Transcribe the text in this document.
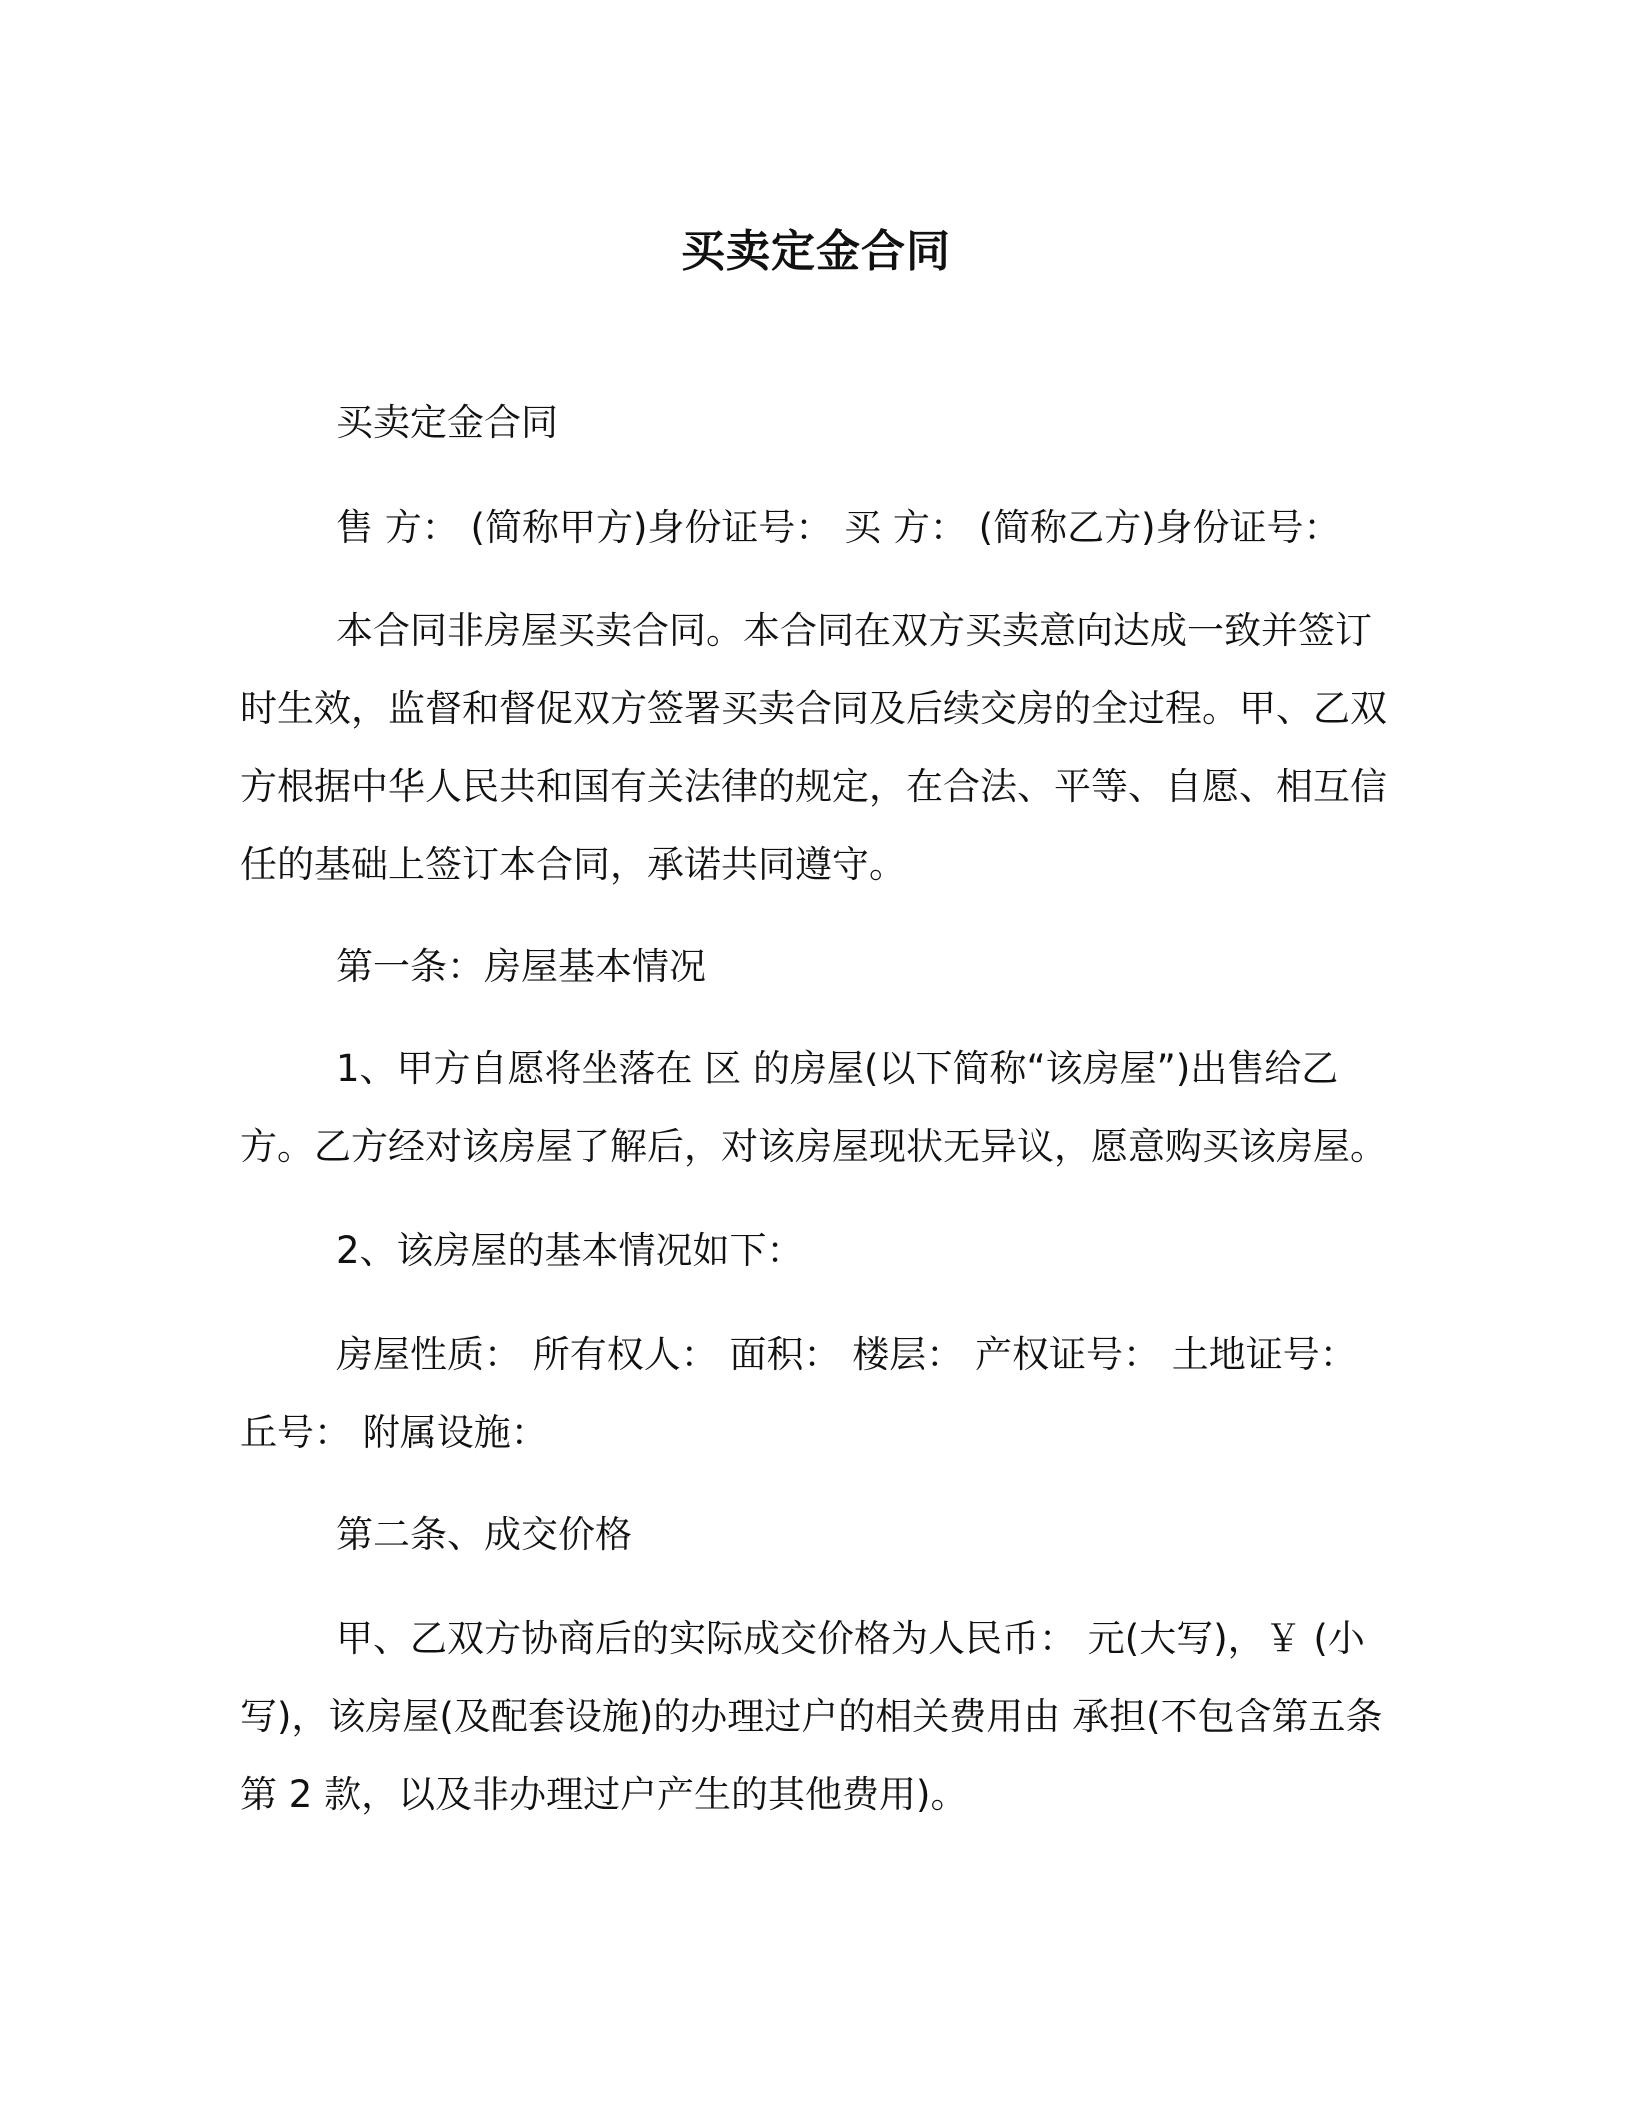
买卖定金合同

买卖定金合同

售 方： (简称甲方)身份证号： 买 方： (简称乙方)身份证号：

本合同非房屋买卖合同。本合同在双方买卖意向达成一致并签订时生效，监督和督促双方签署买卖合同及后续交房的全过程。甲、乙双方根据中华人民共和国有关法律的规定，在合法、平等、自愿、相互信任的基础上签订本合同，承诺共同遵守。

第一条：房屋基本情况

1、甲方自愿将坐落在 区 的房屋(以下简称“该房屋”)出售给乙方。乙方经对该房屋了解后，对该房屋现状无异议，愿意购买该房屋。

2、该房屋的基本情况如下：

房屋性质： 所有权人： 面积： 楼层： 产权证号： 土地证号： 丘号： 附属设施：

第二条、成交价格

甲、乙双方协商后的实际成交价格为人民币： 元(大写)，￥ (小写)，该房屋(及配套设施)的办理过户的相关费用由 承担(不包含第五条第 2 款，以及非办理过户产生的其他费用)。
